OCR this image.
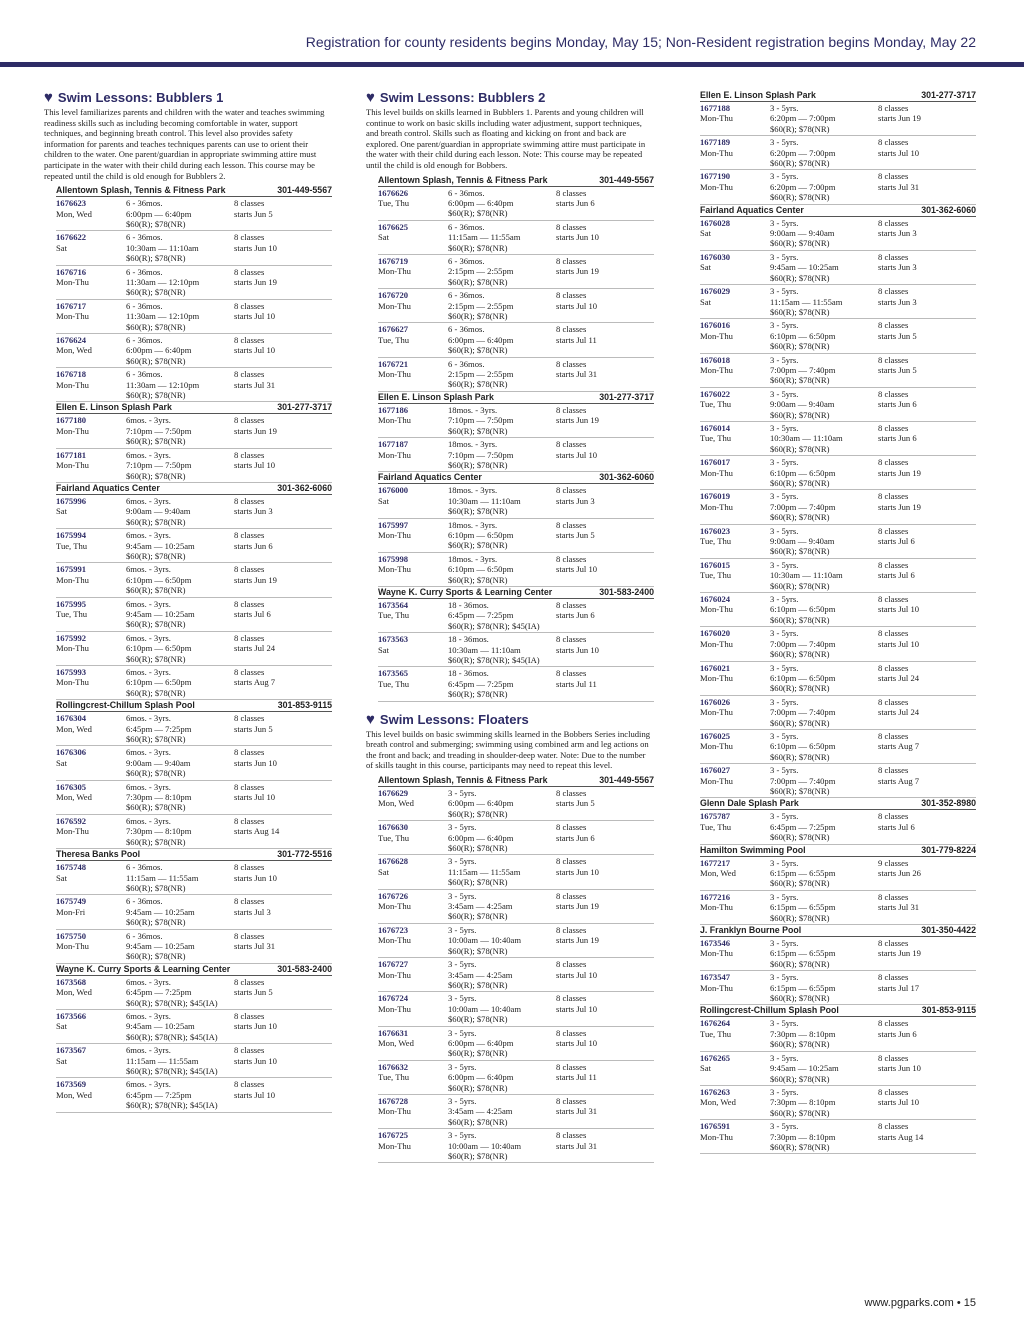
Registration for county residents begins Monday, May 15; Non-Resident registration begins Monday, May 22
♥ Swim Lessons: Bubblers 1
This level familiarizes parents and children with the water and teaches swimming readiness skills such as including becoming comfortable in water, support techniques, and beginning breath control. This level also provides safety information for parents and teaches techniques parents can use to orient their children to the water. One parent/guardian in appropriate swimming attire must participate in the water with their child during each lesson. This course may be repeated until the child is old enough for Bubblers 2.
Allentown Splash, Tennis & Fitness Park	301-449-5567
1676623	6 - 36mos.	8 classes
Mon, Wed	6:00pm — 6:40pm	starts Jun 5
$60(R); $78(NR)
1676622	6 - 36mos.	8 classes
Sat	10:30am — 11:10am	starts Jun 10
$60(R); $78(NR)
1676716	6 - 36mos.	8 classes
Mon-Thu	11:30am — 12:10pm	starts Jun 19
$60(R); $78(NR)
1676717	6 - 36mos.	8 classes
Mon-Thu	11:30am — 12:10pm	starts Jul 10
$60(R); $78(NR)
1676624	6 - 36mos.	8 classes
Mon, Wed	6:00pm — 6:40pm	starts Jul 10
$60(R); $78(NR)
1676718	6 - 36mos.	8 classes
Mon-Thu	11:30am — 12:10pm	starts Jul 31
$60(R); $78(NR)
Ellen E. Linson Splash Park	301-277-3717
1677180	6mos. - 3yrs.	8 classes
Mon-Thu	7:10pm — 7:50pm	starts Jun 19
$60(R); $78(NR)
1677181	6mos. - 3yrs.	8 classes
Mon-Thu	7:10pm — 7:50pm	starts Jul 10
$60(R); $78(NR)
Fairland Aquatics Center	301-362-6060
1675996	6mos. - 3yrs.	8 classes
Sat	9:00am — 9:40am	starts Jun 3
$60(R); $78(NR)
1675994	6mos. - 3yrs.	8 classes
Tue, Thu	9:45am — 10:25am	starts Jun 6
$60(R); $78(NR)
1675991	6mos. - 3yrs.	8 classes
Mon-Thu	6:10pm — 6:50pm	starts Jun 19
$60(R); $78(NR)
1675995	6mos. - 3yrs.	8 classes
Tue, Thu	9:45am — 10:25am	starts Jul 6
$60(R); $78(NR)
1675992	6mos. - 3yrs.	8 classes
Mon-Thu	6:10pm — 6:50pm	starts Jul 24
$60(R); $78(NR)
1675993	6mos. - 3yrs.	8 classes
Mon-Thu	6:10pm — 6:50pm	starts Aug 7
$60(R); $78(NR)
Rollingcrest-Chillum Splash Pool	301-853-9115
1676304	6mos. - 3yrs.	8 classes
Mon, Wed	6:45pm — 7:25pm	starts Jun 5
$60(R); $78(NR)
1676306	6mos. - 3yrs.	8 classes
Sat	9:00am — 9:40am	starts Jun 10
$60(R); $78(NR)
1676305	6mos. - 3yrs.	8 classes
Mon, Wed	7:30pm — 8:10pm	starts Jul 10
$60(R); $78(NR)
1676592	6mos. - 3yrs.	8 classes
Mon-Thu	7:30pm — 8:10pm	starts Aug 14
$60(R); $78(NR)
Theresa Banks Pool	301-772-5516
1675748	6 - 36mos.	8 classes
Sat	11:15am — 11:55am	starts Jun 10
$60(R); $78(NR)
1675749	6 - 36mos.	8 classes
Mon-Fri	9:45am — 10:25am	starts Jul 3
$60(R); $78(NR)
1675750	6 - 36mos.	8 classes
Mon-Thu	9:45am — 10:25am	starts Jul 31
$60(R); $78(NR)
Wayne K. Curry Sports & Learning Center	301-583-2400
1673568	6mos. - 3yrs.	8 classes
Mon, Wed	6:45pm — 7:25pm	starts Jun 5
$60(R); $78(NR); $45(IA)
1673566	6mos. - 3yrs.	8 classes
Sat	9:45am — 10:25am	starts Jun 10
$60(R); $78(NR); $45(IA)
1673567	6mos. - 3yrs.	8 classes
Sat	11:15am — 11:55am	starts Jun 10
$60(R); $78(NR); $45(IA)
1673569	6mos. - 3yrs.	8 classes
Mon, Wed	6:45pm — 7:25pm	starts Jul 10
$60(R); $78(NR); $45(IA)
♥ Swim Lessons: Bubblers 2
This level builds on skills learned in Bubblers 1. Parents and young children will continue to work on basic skills including water adjustment, support techniques, and breath control. Skills such as floating and kicking on front and back are explored. One parent/guardian in appropriate swimming attire must participate in the water with their child during each lesson. Note: This course may be repeated until the child is old enough for Bobbers.
Allentown Splash, Tennis & Fitness Park	301-449-5567
1676626	6 - 36mos.	8 classes
Tue, Thu	6:00pm — 6:40pm	starts Jun 6
$60(R); $78(NR)
1676625	6 - 36mos.	8 classes
Sat	11:15am — 11:55am	starts Jun 10
$60(R); $78(NR)
1676719	6 - 36mos.	8 classes
Mon-Thu	2:15pm — 2:55pm	starts Jun 19
$60(R); $78(NR)
1676720	6 - 36mos.	8 classes
Mon-Thu	2:15pm — 2:55pm	starts Jul 10
$60(R); $78(NR)
1676627	6 - 36mos.	8 classes
Tue, Thu	6:00pm — 6:40pm	starts Jul 11
$60(R); $78(NR)
1676721	6 - 36mos.	8 classes
Mon-Thu	2:15pm — 2:55pm	starts Jul 31
$60(R); $78(NR)
Ellen E. Linson Splash Park	301-277-3717
1677186	18mos. - 3yrs.	8 classes
Mon-Thu	7:10pm — 7:50pm	starts Jun 19
$60(R); $78(NR)
1677187	18mos. - 3yrs.	8 classes
Mon-Thu	7:10pm — 7:50pm	starts Jul 10
$60(R); $78(NR)
Fairland Aquatics Center	301-362-6060
1676000	18mos. - 3yrs.	8 classes
Sat	10:30am — 11:10am	starts Jun 3
$60(R); $78(NR)
1675997	18mos. - 3yrs.	8 classes
Mon-Thu	6:10pm — 6:50pm	starts Jun 5
$60(R); $78(NR)
1675998	18mos. - 3yrs.	8 classes
Mon-Thu	6:10pm — 6:50pm	starts Jul 10
$60(R); $78(NR)
Wayne K. Curry Sports & Learning Center	301-583-2400
1673564	18 - 36mos.	8 classes
Tue, Thu	6:45pm — 7:25pm	starts Jun 6
$60(R); $78(NR); $45(IA)
1673563	18 - 36mos.	8 classes
Sat	10:30am — 11:10am	starts Jun 10
$60(R); $78(NR); $45(IA)
1673565	18 - 36mos.	8 classes
Tue, Thu	6:45pm — 7:25pm	starts Jul 11
$60(R); $78(NR)
♥ Swim Lessons: Floaters
This level builds on basic swimming skills learned in the Bobbers Series including breath control and submerging; swimming using combined arm and leg actions on the front and back; and treading in shoulder-deep water. Note: Due to the number of skills taught in this course, participants may need to repeat this level.
Allentown Splash, Tennis & Fitness Park	301-449-5567
1676629	3 - 5yrs.	8 classes
Mon, Wed	6:00pm — 6:40pm	starts Jun 5
$60(R); $78(NR)
1676630	3 - 5yrs.	8 classes
Tue, Thu	6:00pm — 6:40pm	starts Jun 6
$60(R); $78(NR)
1676628	3 - 5yrs.	8 classes
Sat	11:15am — 11:55am	starts Jun 10
$60(R); $78(NR)
1676726	3 - 5yrs.	8 classes
Mon-Thu	3:45am — 4:25am	starts Jun 19
$60(R); $78(NR)
1676723	3 - 5yrs.	8 classes
Mon-Thu	10:00am — 10:40am	starts Jun 19
$60(R); $78(NR)
1676727	3 - 5yrs.	8 classes
Mon-Thu	3:45am — 4:25am	starts Jul 10
$60(R); $78(NR)
1676724	3 - 5yrs.	8 classes
Mon-Thu	10:00am — 10:40am	starts Jul 10
$60(R); $78(NR)
1676631	3 - 5yrs.	8 classes
Mon, Wed	6:00pm — 6:40pm	starts Jul 10
$60(R); $78(NR)
1676632	3 - 5yrs.	8 classes
Tue, Thu	6:00pm — 6:40pm	starts Jul 11
$60(R); $78(NR)
1676728	3 - 5yrs.	8 classes
Mon-Thu	3:45am — 4:25am	starts Jul 31
$60(R); $78(NR)
1676725	3 - 5yrs.	8 classes
Mon-Thu	10:00am — 10:40am	starts Jul 31
$60(R); $78(NR)
Ellen E. Linson Splash Park	301-277-3717
1677188	3 - 5yrs.	8 classes
Mon-Thu	6:20pm — 7:00pm	starts Jun 19
$60(R); $78(NR)
1677189	3 - 5yrs.	8 classes
Mon-Thu	6:20pm — 7:00pm	starts Jul 10
$60(R); $78(NR)
1677190	3 - 5yrs.	8 classes
Mon-Thu	6:20pm — 7:00pm	starts Jul 31
$60(R); $78(NR)
Fairland Aquatics Center	301-362-6060
1676028	3 - 5yrs.	8 classes
Sat	9:00am — 9:40am	starts Jun 3
$60(R); $78(NR)
1676030	3 - 5yrs.	8 classes
Sat	9:45am — 10:25am	starts Jun 3
$60(R); $78(NR)
1676029	3 - 5yrs.	8 classes
Sat	11:15am — 11:55am	starts Jun 3
$60(R); $78(NR)
1676016	3 - 5yrs.	8 classes
Mon-Thu	6:10pm — 6:50pm	starts Jun 5
$60(R); $78(NR)
1676018	3 - 5yrs.	8 classes
Mon-Thu	7:00pm — 7:40pm	starts Jun 5
$60(R); $78(NR)
1676022	3 - 5yrs.	8 classes
Tue, Thu	9:00am — 9:40am	starts Jun 6
$60(R); $78(NR)
1676014	3 - 5yrs.	8 classes
Tue, Thu	10:30am — 11:10am	starts Jun 6
$60(R); $78(NR)
1676017	3 - 5yrs.	8 classes
Mon-Thu	6:10pm — 6:50pm	starts Jun 19
$60(R); $78(NR)
1676019	3 - 5yrs.	8 classes
Mon-Thu	7:00pm — 7:40pm	starts Jun 19
$60(R); $78(NR)
1676023	3 - 5yrs.	8 classes
Tue, Thu	9:00am — 9:40am	starts Jul 6
$60(R); $78(NR)
1676015	3 - 5yrs.	8 classes
Tue, Thu	10:30am — 11:10am	starts Jul 6
$60(R); $78(NR)
1676024	3 - 5yrs.	8 classes
Mon-Thu	6:10pm — 6:50pm	starts Jul 10
$60(R); $78(NR)
1676020	3 - 5yrs.	8 classes
Mon-Thu	7:00pm — 7:40pm	starts Jul 10
$60(R); $78(NR)
1676021	3 - 5yrs.	8 classes
Mon-Thu	6:10pm — 6:50pm	starts Jul 24
$60(R); $78(NR)
1676026	3 - 5yrs.	8 classes
Mon-Thu	7:00pm — 7:40pm	starts Jul 24
$60(R); $78(NR)
1676025	3 - 5yrs.	8 classes
Mon-Thu	6:10pm — 6:50pm	starts Aug 7
$60(R); $78(NR)
1676027	3 - 5yrs.	8 classes
Mon-Thu	7:00pm — 7:40pm	starts Aug 7
$60(R); $78(NR)
Glenn Dale Splash Park	301-352-8980
1675787	3 - 5yrs.	8 classes
Tue, Thu	6:45pm — 7:25pm	starts Jul 6
$60(R); $78(NR)
Hamilton Swimming Pool	301-779-8224
1677217	3 - 5yrs.	9 classes
Mon, Wed	6:15pm — 6:55pm	starts Jun 26
$60(R); $78(NR)
1677216	3 - 5yrs.	8 classes
Mon-Thu	6:15pm — 6:55pm	starts Jul 31
$60(R); $78(NR)
J. Franklyn Bourne Pool	301-350-4422
1673546	3 - 5yrs.	8 classes
Mon-Thu	6:15pm — 6:55pm	starts Jun 19
$60(R); $78(NR)
1673547	3 - 5yrs.	8 classes
Mon-Thu	6:15pm — 6:55pm	starts Jul 17
$60(R); $78(NR)
Rollingcrest-Chillum Splash Pool	301-853-9115
1676264	3 - 5yrs.	8 classes
Tue, Thu	7:30pm — 8:10pm	starts Jun 6
$60(R); $78(NR)
1676265	3 - 5yrs.	8 classes
Sat	9:45am — 10:25am	starts Jun 10
$60(R); $78(NR)
1676263	3 - 5yrs.	8 classes
Mon, Wed	7:30pm — 8:10pm	starts Jul 10
$60(R); $78(NR)
1676591	3 - 5yrs.	8 classes
Mon-Thu	7:30pm — 8:10pm	starts Aug 14
$60(R); $78(NR)
www.pgparks.com • 15
